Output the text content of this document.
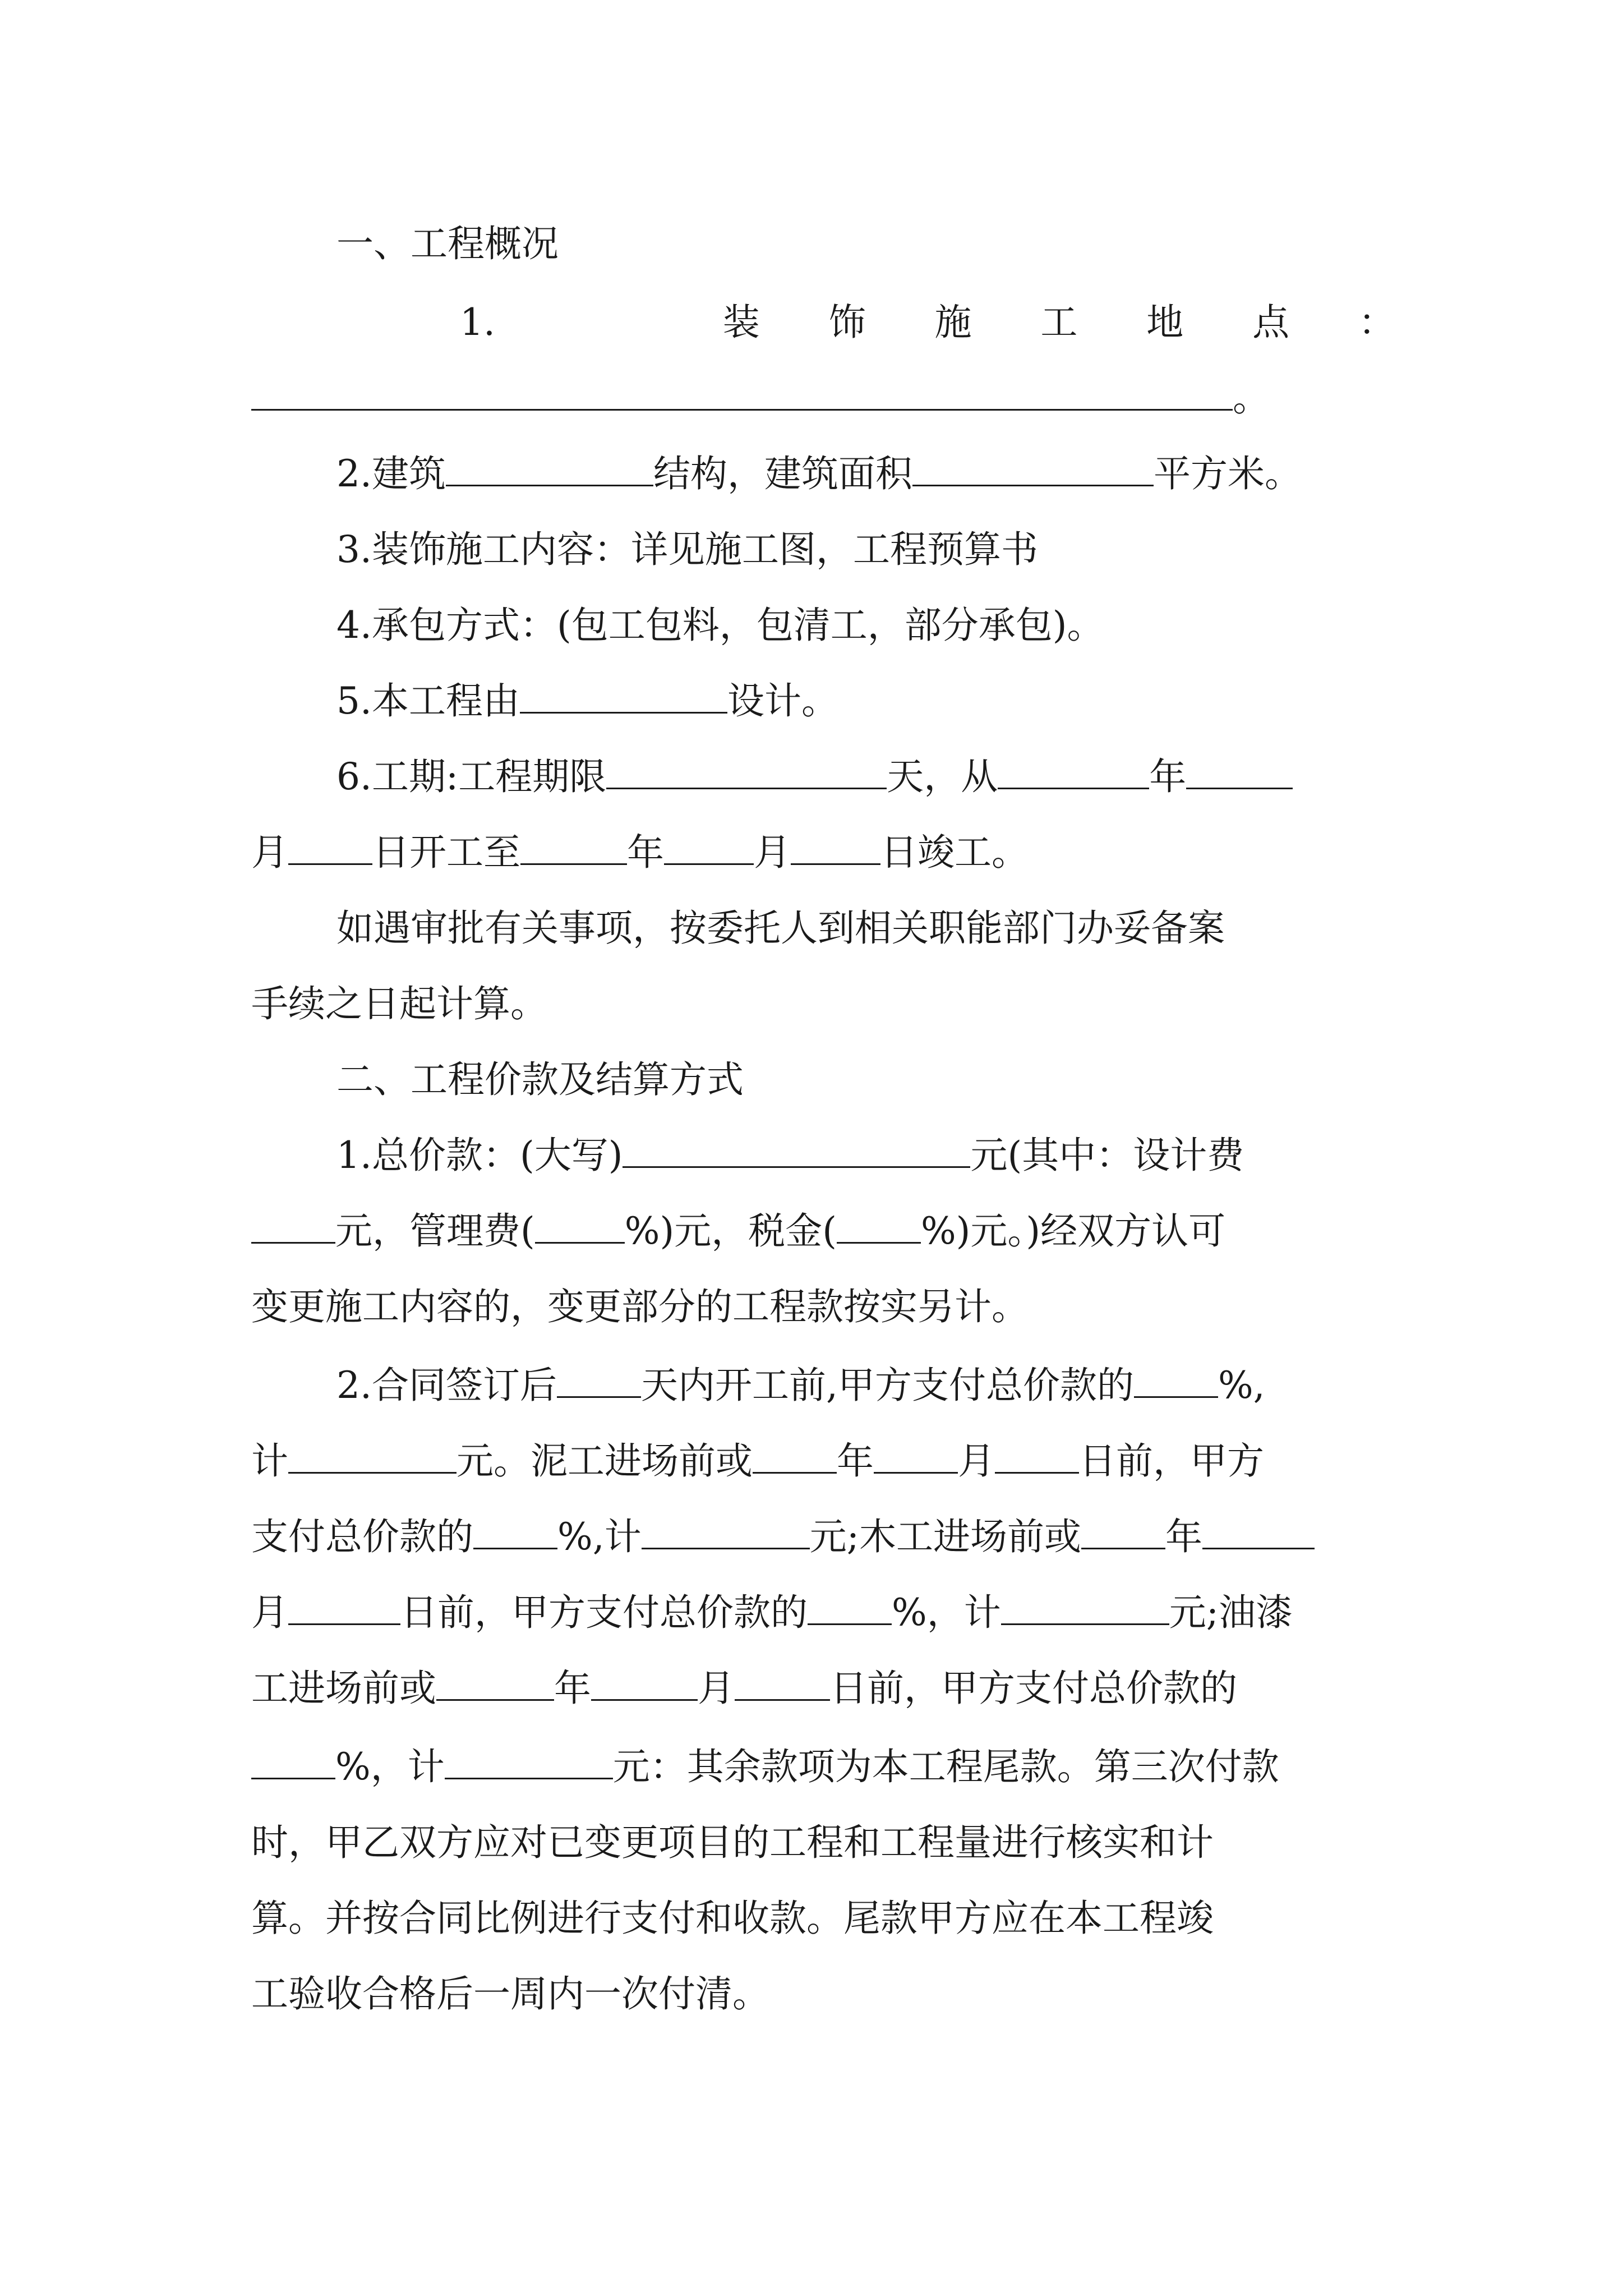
一、工程概况
1.	装 饰 施 工 地 点 ：
。
2.建筑	结构，建筑面积	平方米。
3.装饰施工内容：详见施工图，工程预算书
4.承包方式：(包工包料，包清工，部分承包)。
5.本工程由	设计。
6.工期:工程期限	天，从	年
月 日开工至	年 月 日竣工。
如遇审批有关事项，按委托人到相关职能部门办妥备案
手续之日起计算。
二、工程价款及结算方式
1.总价款：(大写)	元(其中：设计费
元，管理费( %)元，税金( %)元。)经双方认可
变更施工内容的，变更部分的工程款按实另计。
2.合同签订后 天内开工前,甲方支付总价款的 %,
计	元。泥工进场前或 年 月 日前，甲方
支付总价款的 %,计	元;木工进场前或 年
月	日前，甲方支付总价款的 %，计	元;油漆
工进场前或	年	月	日前，甲方支付总价款的
%，计	元：其余款项为本工程尾款。第三次付款
时，甲乙双方应对已变更项目的工程和工程量进行核实和计
算。并按合同比例进行支付和收款。尾款甲方应在本工程竣
工验收合格后一周内一次付清。
